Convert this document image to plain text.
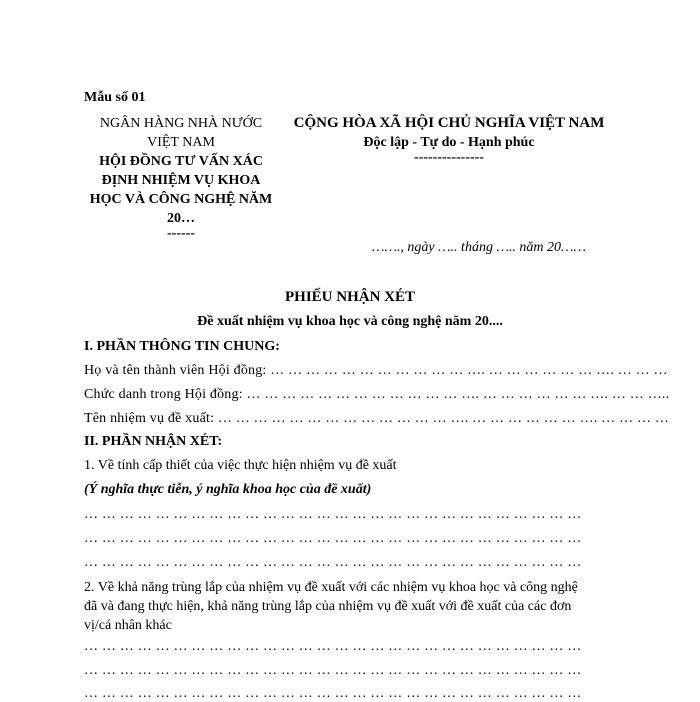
Mẫu số 01
NGÂN HÀNG NHÀ NƯỚC
VIỆT NAM
HỘI ĐỒNG TƯ VẤN XÁC
ĐỊNH NHIỆM VỤ KHOA
HỌC VÀ CÔNG NGHỆ NĂM
20…
------
CỘNG HÒA XÃ HỘI CHỦ NGHĨA VIỆT NAM
Độc lập - Tự do - Hạnh phúc
---------------
……., ngày ….. tháng ….. năm 20……
PHIẾU NHẬN XÉT
Đề xuất nhiệm vụ khoa học và công nghệ năm 20....
I. PHẦN THÔNG TIN CHUNG:
Họ và tên thành viên Hội đồng: … … … … … … … … … … … …. … … … … … … …. … … …
Chức danh trong Hội đồng: … … … … … … … … … … … … …. … … … … … … …. … … …..
Tên nhiệm vụ đề xuất: … … … … … … … … … … … … … …. … … … … … … …. … … … …
II. PHẦN NHẬN XÉT:
1. Về tính cấp thiết của việc thực hiện nhiệm vụ đề xuất
(Ý nghĩa thực tiễn, ý nghĩa khoa học của đề xuất)
… … … … … … … … … … … … … … … … … … … … … … … … … … … …
… … … … … … … … … … … … … … … … … … … … … … … … … … … …
… … … … … … … … … … … … … … … … … … … … … … … … … … … …
2. Về khả năng trùng lắp của nhiệm vụ đề xuất với các nhiệm vụ khoa học và công nghệ
đã và đang thực hiện, khả năng trùng lắp của nhiệm vụ đề xuất với đề xuất của các đơn
vị/cá nhân khác
… … … … … … … … … … … … … … … … … … … … … … … … … … … …
… … … … … … … … … … … … … … … … … … … … … … … … … … … …
… … … … … … … … … … … … … … … … … … … … … … … … … … … …
